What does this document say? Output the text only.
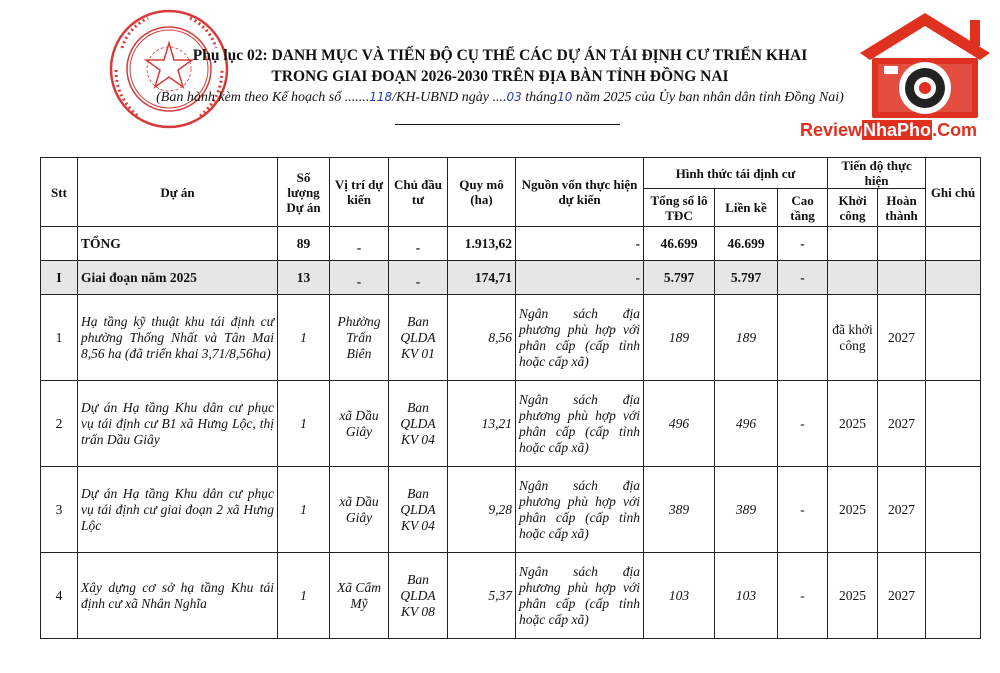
ReviewNhaPho.Com
Phụ lục 02: DANH MỤC VÀ TIẾN ĐỘ CỤ THỂ CÁC DỰ ÁN TÁI ĐỊNH CƯ TRIỂN KHAI
TRONG GIAI ĐOẠN 2026-2030 TRÊN ĐỊA BÀN TỈNH ĐỒNG NAI
(Ban hành kèm theo Kế hoạch số .......118/KH-UBND ngày ....03 tháng10 năm 2025 của Ủy ban nhân dân tỉnh Đồng Nai)
Stt	Dự án	Số lượng Dự án	Vị trí dự kiến	Chủ đầu tư	Quy mô (ha)	Nguồn vốn thực hiện dự kiến	Hình thức tái định cư			Tiến độ thực hiện		Ghi chú
							Tổng số lô TĐC	Liền kề	Cao tầng	Khởi công	Hoàn thành	
	TỔNG	89	-	-	1.913,62	-	46.699	46.699	-			
I	Giai đoạn năm 2025	13	-	-	174,71	-	5.797	5.797	-			
1	Hạ tầng kỹ thuật khu tái định cư phường Thống Nhất và Tân Mai 8,56 ha (đã triển khai 3,71/8,56ha)	1	Phường Trấn Biên	Ban QLDA KV 01	8,56	Ngân sách địa phương phù hợp với phân cấp (cấp tỉnh hoặc cấp xã)	189	189		đã khởi công	2027	
2	Dự án Hạ tầng Khu dân cư phục vụ tái định cư B1 xã Hưng Lộc, thị trấn Dầu Giây	1	xã Dầu Giây	Ban QLDA KV 04	13,21	Ngân sách địa phương phù hợp với phân cấp (cấp tỉnh hoặc cấp xã)	496	496	-	2025	2027	
3	Dự án Hạ tầng Khu dân cư phục vụ tái định cư giai đoạn 2 xã Hưng Lộc	1	xã Dầu Giây	Ban QLDA KV 04	9,28	Ngân sách địa phương phù hợp với phân cấp (cấp tỉnh hoặc cấp xã)	389	389	-	2025	2027	
4	Xây dựng cơ sở hạ tầng Khu tái định cư xã Nhân Nghĩa	1	Xã Cẩm Mỹ	Ban QLDA KV 08	5,37	Ngân sách địa phương phù hợp với phân cấp (cấp tỉnh hoặc cấp xã)	103	103	-	2025	2027	
